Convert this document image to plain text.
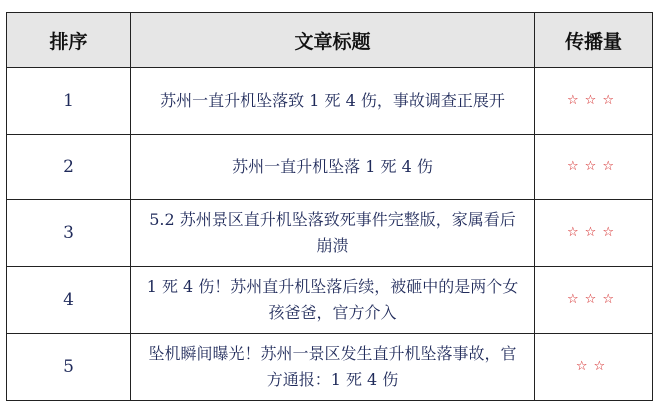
排序	文章标题	传播量
1	苏州一直升机坠落致 1 死 4 伤，事故调查正展开	☆☆☆
2	苏州一直升机坠落 1 死 4 伤	☆☆☆
3	5.2 苏州景区直升机坠落致死事件完整版，家属看后崩溃	☆☆☆
4	1 死 4 伤！苏州直升机坠落后续，被砸中的是两个女孩爸爸，官方介入	☆☆☆
5	坠机瞬间曝光！苏州一景区发生直升机坠落事故，官方通报：1 死 4 伤	☆☆
